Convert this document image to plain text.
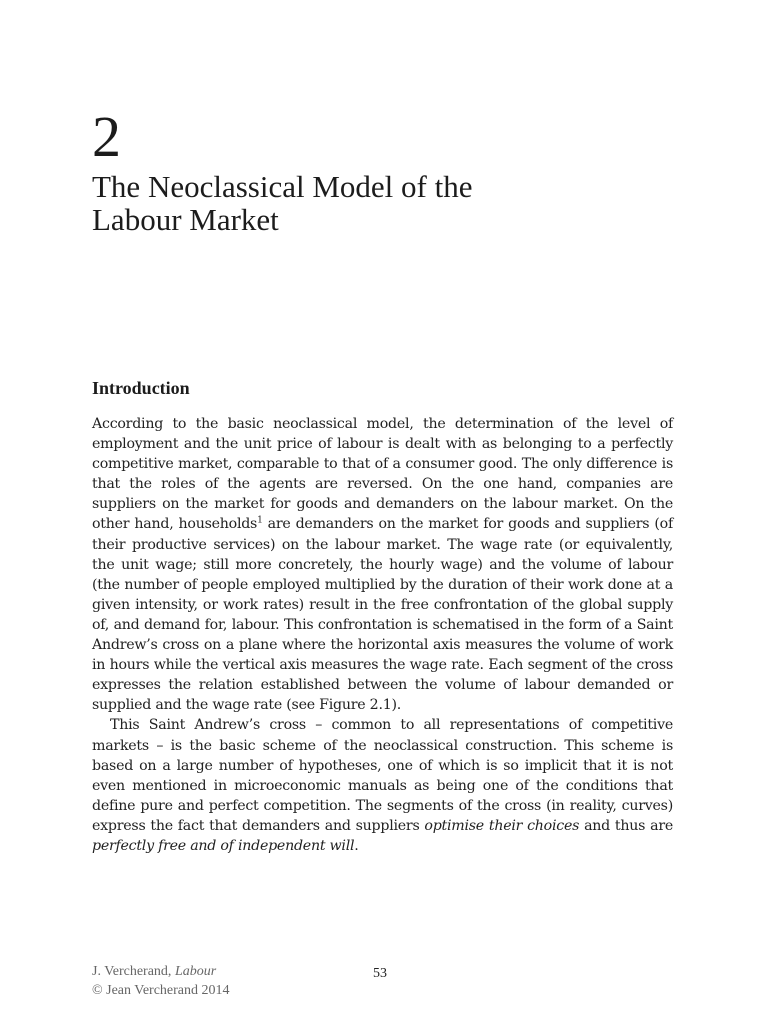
2
The Neoclassical Model of the
Labour Market
Introduction

According to the basic neoclassical model, the determination of the level of employment and the unit price of labour is dealt with as belonging to a perfectly competitive market, comparable to that of a consumer good. The only difference is that the roles of the agents are reversed. On the one hand, companies are suppliers on the market for goods and demanders on the labour market. On the other hand, households$^1$ are demanders on the market for goods and suppliers (of their productive services) on the labour market. The wage rate (or equivalently, the unit wage; still more concretely, the hourly wage) and the volume of labour (the number of people employed multiplied by the duration of their work done at a given intensity, or work rates) result in the free confrontation of the global supply of, and demand for, labour. This confrontation is schematised in the form of a Saint Andrew’s cross on a plane where the horizontal axis measures the volume of work in hours while the vertical axis measures the wage rate. Each segment of the cross expresses the relation established between the volume of labour demanded or supplied and the wage rate (see Figure 2.1).

This Saint Andrew’s cross – common to all representations of competitive markets – is the basic scheme of the neoclassical construction. This scheme is based on a large number of hypotheses, one of which is so implicit that it is not even mentioned in microeconomic manuals as being one of the conditions that define pure and perfect competition. The segments of the cross (in reality, curves) express the fact that demanders and suppliers optimise their choices and thus are perfectly free and of independent will.

J. Vercherand, Labour
© Jean Vercherand 2014
53
